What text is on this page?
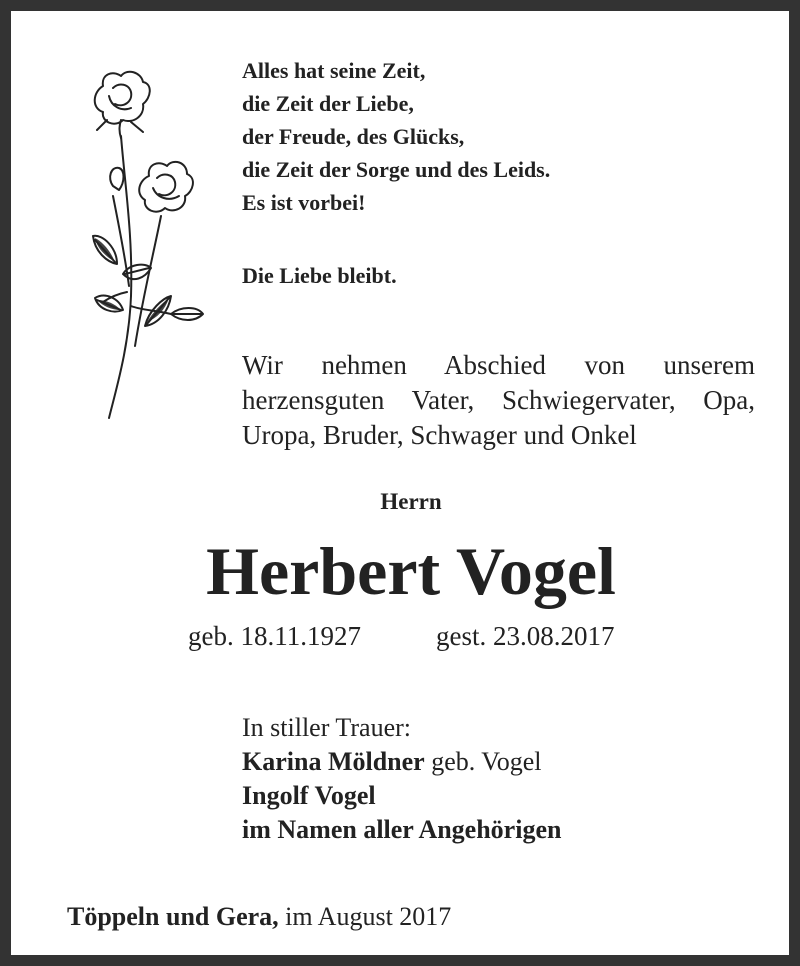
Alles hat seine Zeit,
die Zeit der Liebe,
der Freude, des Glücks,
die Zeit der Sorge und des Leids.
Es ist vorbei!
Die Liebe bleibt.
Wir nehmen Abschied von unserem herzensguten Vater, Schwiegervater, Opa, Uropa, Bruder, Schwager und Onkel
Herrn
Herbert Vogel
geb. 18.11.1927	gest. 23.08.2017
In stiller Trauer:
Karina Möldner geb. Vogel
Ingolf Vogel
im Namen aller Angehörigen
Töppeln und Gera, im August 2017
